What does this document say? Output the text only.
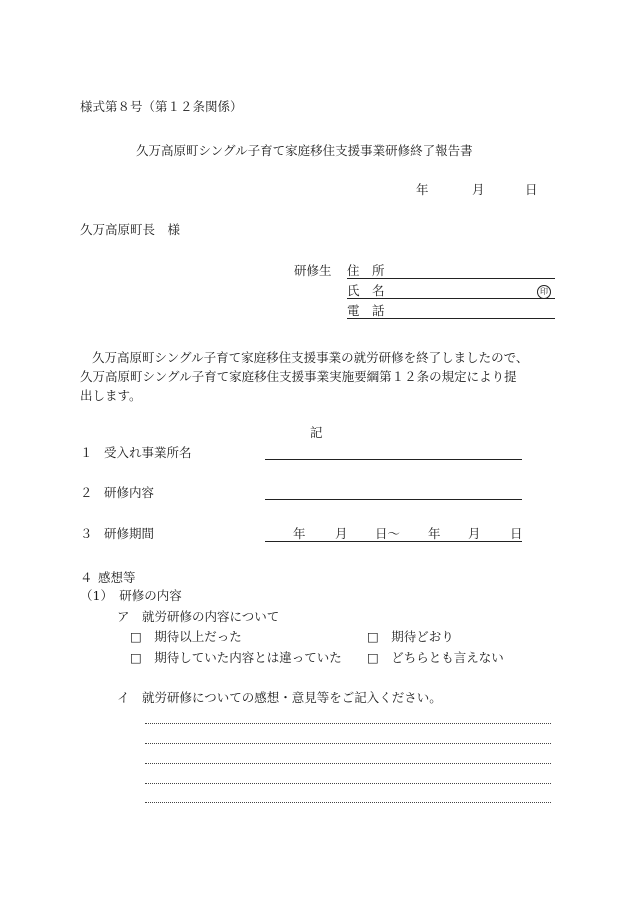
様式第８号（第１２条関係）
久万高原町シングル子育て家庭移住支援事業研修終了報告書
年	月	日
久万高原町長　様
研修生 住　所
氏　名	印
電　話

久万高原町シングル子育て家庭移住支援事業の就労研修を終了しましたので、

久万高原町シングル子育て家庭移住支援事業実施要綱第１２条の規定により提

出します。

記
１ 受入れ事業所名
２ 研修内容
３ 研修期間	年 月 日～ 年 月 日
４ 感想等
（1）　研修の内容
ア　就労研修の内容について
□　期待以上だった	□　期待どおり
□　期待していた内容とは違っていた □　どちらとも言えない
イ　就労研修についての感想・意見等をご記入ください。
